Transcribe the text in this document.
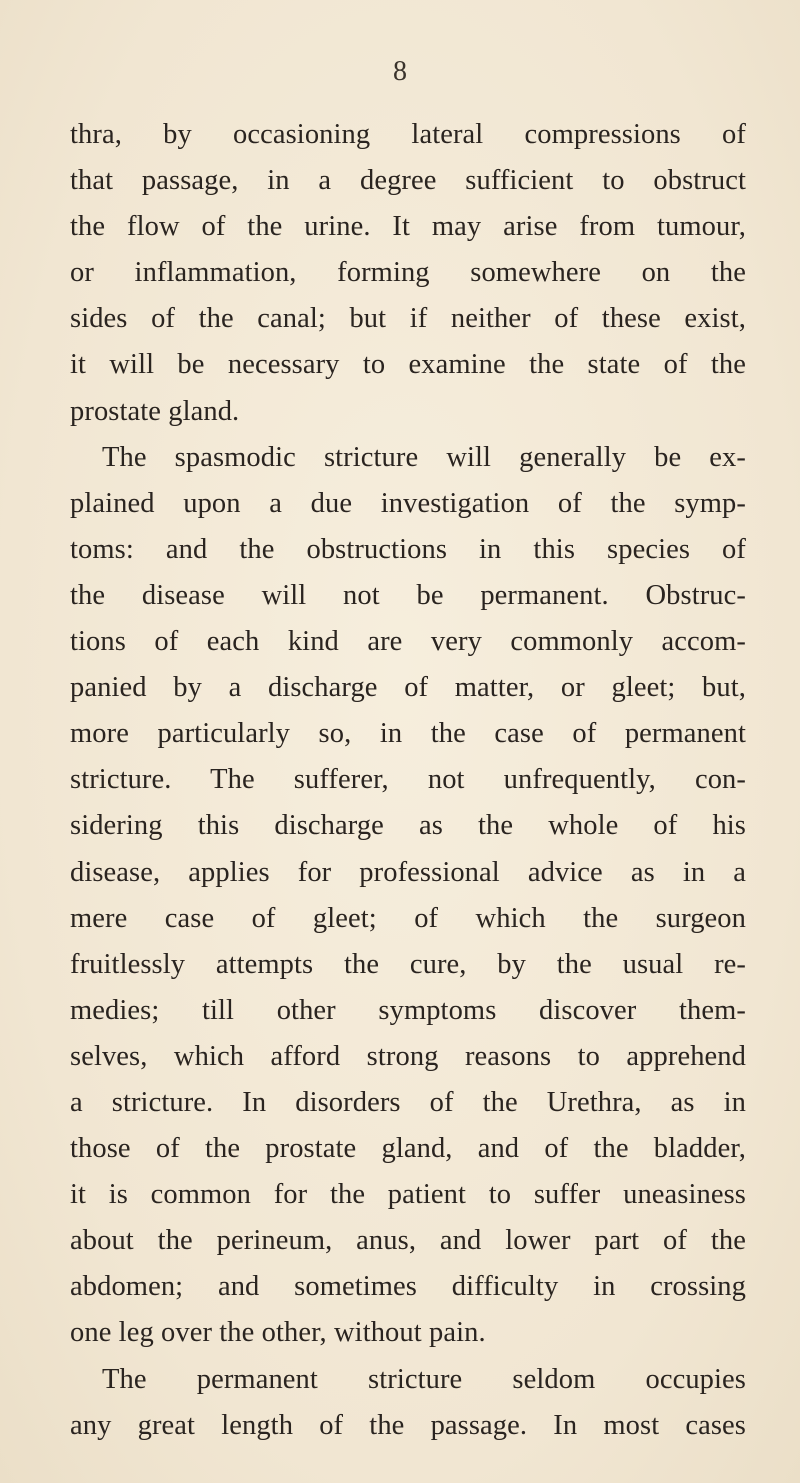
8
thra, by occasioning lateral compressions of
that passage, in a degree sufficient to obstruct
the flow of the urine. It may arise from tumour,
or inflammation, forming somewhere on the
sides of the canal; but if neither of these exist,
it will be necessary to examine the state of the
prostate gland.
The spasmodic stricture will generally be ex-
plained upon a due investigation of the symp-
toms: and the obstructions in this species of
the disease will not be permanent. Obstruc-
tions of each kind are very commonly accom-
panied by a discharge of matter, or gleet; but,
more particularly so, in the case of permanent
stricture. The sufferer, not unfrequently, con-
sidering this discharge as the whole of his
disease, applies for professional advice as in a
mere case of gleet; of which the surgeon
fruitlessly attempts the cure, by the usual re-
medies; till other symptoms discover them-
selves, which afford strong reasons to apprehend
a stricture. In disorders of the Urethra, as in
those of the prostate gland, and of the bladder,
it is common for the patient to suffer uneasiness
about the perineum, anus, and lower part of the
abdomen; and sometimes difficulty in crossing
one leg over the other, without pain.
The permanent stricture seldom occupies
any great length of the passage. In most cases
